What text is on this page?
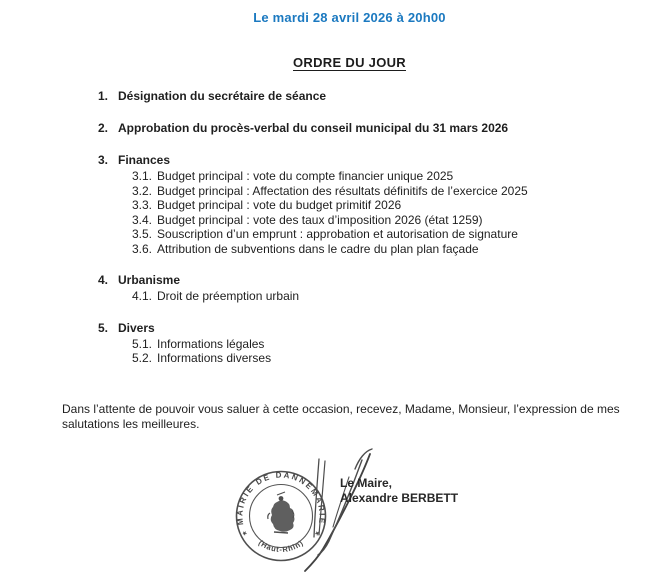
Le mardi 28 avril 2026 à 20h00
ORDRE DU JOUR
1. Désignation du secrétaire de séance
2. Approbation du procès-verbal du conseil municipal du 31 mars 2026
3. Finances
3.1. Budget principal : vote du compte financier unique 2025
3.2. Budget principal : Affectation des résultats définitifs de l’exercice 2025
3.3. Budget principal : vote du budget primitif 2026
3.4. Budget principal : vote des taux d’imposition 2026 (état 1259)
3.5. Souscription d’un emprunt : approbation et autorisation de signature
3.6. Attribution de subventions dans le cadre du plan plan façade
4. Urbanisme
4.1. Droit de préemption urbain
5. Divers
5.1. Informations légales
5.2. Informations diverses

Dans l’attente de pouvoir vous saluer à cette occasion, recevez, Madame, Monsieur, l’expression de mes salutations les meilleures.

MAIRIE DE DANNEMARIE
(Haut-Rhin)
*	*
Le Maire,
Alexandre BERBETT
